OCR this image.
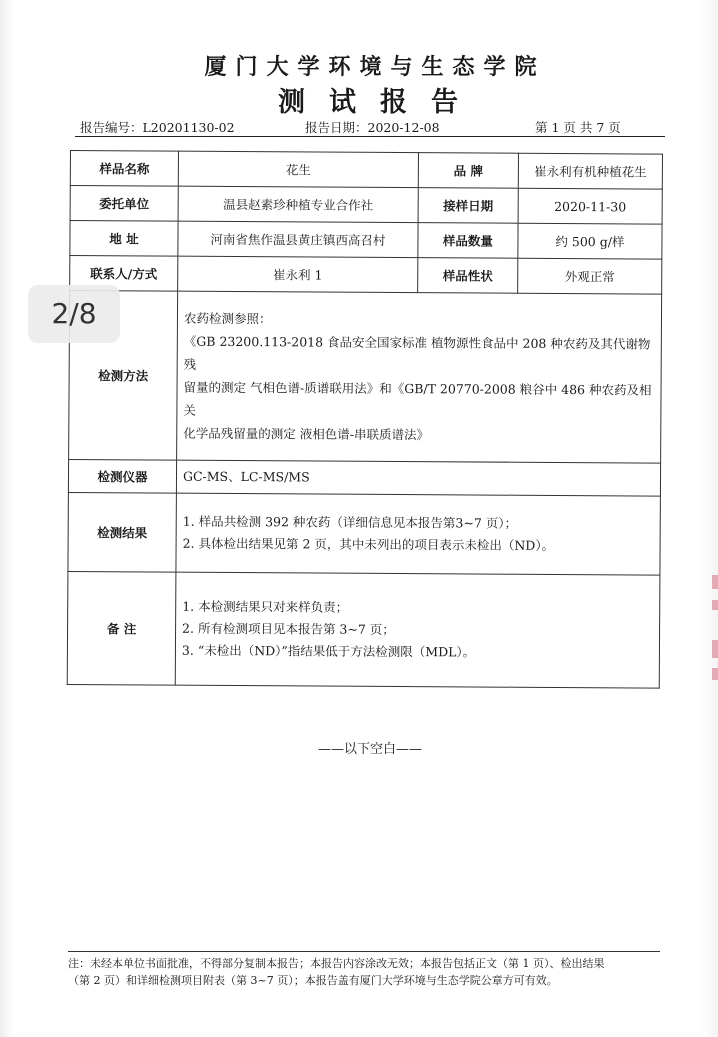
厦门大学环境与生态学院
测试报告
报告编号：L20201130-02	报告日期：2020-12-08	第 1 页 共 7 页
样品名称	花生	品 牌	崔永利有机种植花生
委托单位	温县赵素珍种植专业合作社	接样日期	2020-11-30
地 址	河南省焦作温县黄庄镇西高召村	样品数量	约 500 g/样
联系人/方式	崔永利 1	样品性状	外观正常
检测方法	农药检测参照：
《GB 23200.113-2018 食品安全国家标准 植物源性食品中 208 种农药及其代谢物残
留量的测定 气相色谱-质谱联用法》和《GB/T 20770-2008 粮谷中 486 种农药及相关
化学品残留量的测定 液相色谱-串联质谱法》		

检测仪器	GC-MS、LC-MS/MS		
检测结果	1. 样品共检测 392 种农药（详细信息见本报告第3~7 页）；
2. 具体检出结果见第 2 页，其中未列出的项目表示未检出（ND）。		

备 注	1. 本检测结果只对来样负责；
2. 所有检测项目见本报告第 3~7 页；
3. “未检出（ND）”指结果低于方法检测限（MDL）。		
——以下空白——
注：未经本单位书面批准，不得部分复制本报告；本报告内容涂改无效；本报告包括正文（第 1 页）、检出结果
（第 2 页）和详细检测项目附表（第 3~7 页）；本报告盖有厦门大学环境与生态学院公章方可有效。
2/8
